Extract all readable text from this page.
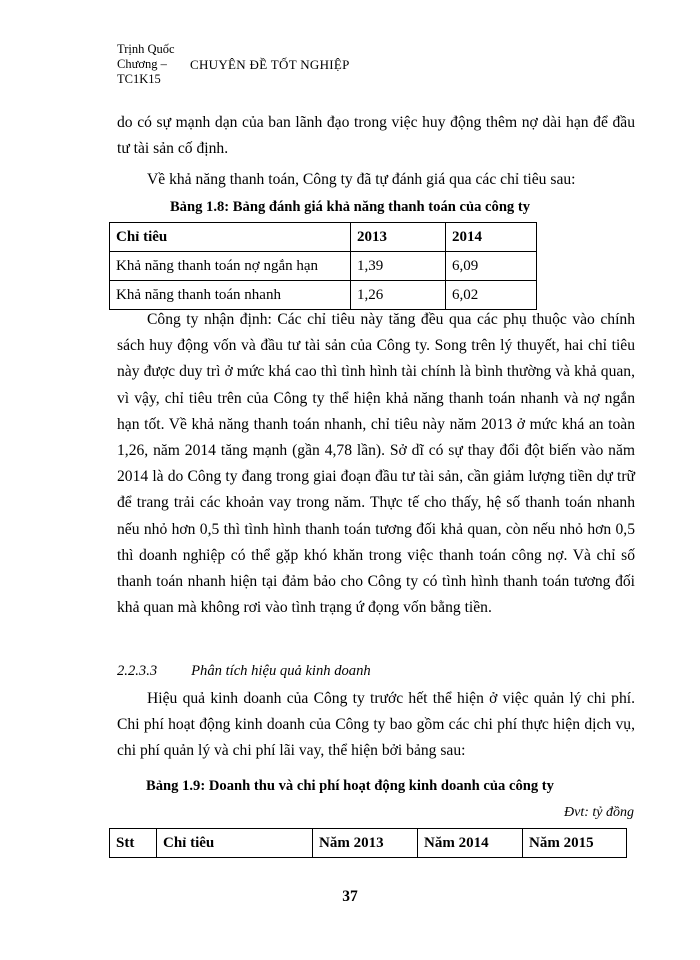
Trịnh Quốc Chương – TC1K15
CHUYÊN ĐỀ TỐT NGHIỆP
do có sự mạnh dạn của ban lãnh đạo trong việc huy động thêm nợ dài hạn để đầu tư tài sản cố định.
Về khả năng thanh toán, Công ty đã tự đánh giá qua các chỉ tiêu sau:
Bảng 1.8: Bảng đánh giá khả năng thanh toán của công ty
Chỉ tiêu	2013	2014
Khả năng thanh toán nợ ngắn hạn	1,39	6,09
Khả năng thanh toán nhanh	1,26	6,02
Công ty nhận định: Các chỉ tiêu này tăng đều qua các phụ thuộc vào chính sách huy động vốn và đầu tư tài sản của Công ty. Song trên lý thuyết, hai chỉ tiêu này được duy trì ở mức khá cao thì tình hình tài chính là bình thường và khả quan, vì vậy, chỉ tiêu trên của Công ty thể hiện khả năng thanh toán nhanh và nợ ngắn hạn tốt. Về khả năng thanh toán nhanh, chỉ tiêu này năm 2013 ở mức khá an toàn 1,26, năm 2014 tăng mạnh (gần 4,78 lần). Sở dĩ có sự thay đổi đột biến vào năm 2014 là do Công ty đang trong giai đoạn đầu tư tài sản, cần giảm lượng tiền dự trữ để trang trải các khoản vay trong năm. Thực tế cho thấy, hệ số thanh toán nhanh nếu nhỏ hơn 0,5 thì tình hình thanh toán tương đối khả quan, còn nếu nhỏ hơn 0,5 thì doanh nghiệp có thể gặp khó khăn trong việc thanh toán công nợ. Và chỉ số thanh toán nhanh hiện tại đảm bảo cho Công ty có tình hình thanh toán tương đối khả quan mà không rơi vào tình trạng ứ đọng vốn bằng tiền.
2.2.3.3 Phân tích hiệu quả kinh doanh
Hiệu quả kinh doanh của Công ty trước hết thể hiện ở việc quản lý chi phí. Chi phí hoạt động kinh doanh của Công ty bao gồm các chi phí thực hiện dịch vụ, chi phí quản lý và chi phí lãi vay, thể hiện bởi bảng sau:
Bảng 1.9: Doanh thu và chi phí hoạt động kinh doanh của công ty
Đvt: tỷ đồng
Stt	Chỉ tiêu	Năm 2013	Năm 2014	Năm 2015
37
